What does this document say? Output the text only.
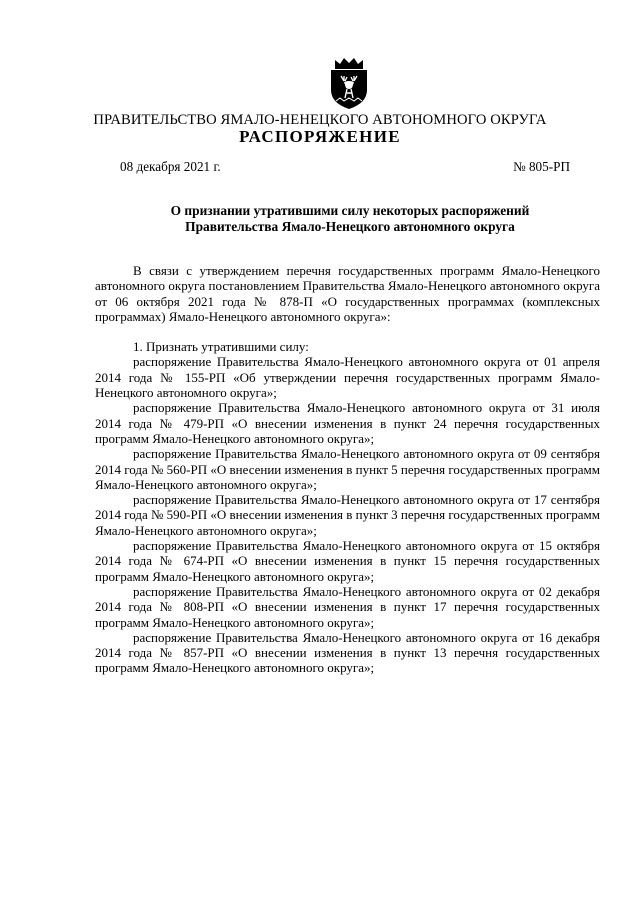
ПРАВИТЕЛЬСТВО ЯМАЛО-НЕНЕЦКОГО АВТОНОМНОГО ОКРУГА
РАСПОРЯЖЕНИЕ
08 декабря 2021 г.	№ 805-РП
О признании утратившими силу некоторых распоряжений
Правительства Ямало-Ненецкого автономного округа

В связи с утверждением перечня государственных программ Ямало-Ненецкого автономного округа постановлением Правительства Ямало-Ненецкого автономного округа от 06 октября 2021 года № 878-П «О государственных программах (комплексных программах) Ямало-Ненецкого автономного округа»:

1. Признать утратившими силу:

распоряжение Правительства Ямало-Ненецкого автономного округа от 01 апреля 2014 года № 155-РП «Об утверждении перечня государственных программ Ямало-Ненецкого автономного округа»;

распоряжение Правительства Ямало-Ненецкого автономного округа от 31 июля 2014 года № 479-РП «О внесении изменения в пункт 24 перечня государственных программ Ямало-Ненецкого автономного округа»;

распоряжение Правительства Ямало-Ненецкого автономного округа от 09 сентября 2014 года № 560-РП «О внесении изменения в пункт 5 перечня государственных программ Ямало-Ненецкого автономного округа»;

распоряжение Правительства Ямало-Ненецкого автономного округа от 17 сентября 2014 года № 590-РП «О внесении изменения в пункт 3 перечня государственных программ Ямало-Ненецкого автономного округа»;

распоряжение Правительства Ямало-Ненецкого автономного округа от 15 октября 2014 года № 674-РП «О внесении изменения в пункт 15 перечня государственных программ Ямало-Ненецкого автономного округа»;

распоряжение Правительства Ямало-Ненецкого автономного округа от 02 декабря 2014 года № 808-РП «О внесении изменения в пункт 17 перечня государственных программ Ямало-Ненецкого автономного округа»;

распоряжение Правительства Ямало-Ненецкого автономного округа от 16 декабря 2014 года № 857-РП «О внесении изменения в пункт 13 перечня государственных программ Ямало-Ненецкого автономного округа»;
